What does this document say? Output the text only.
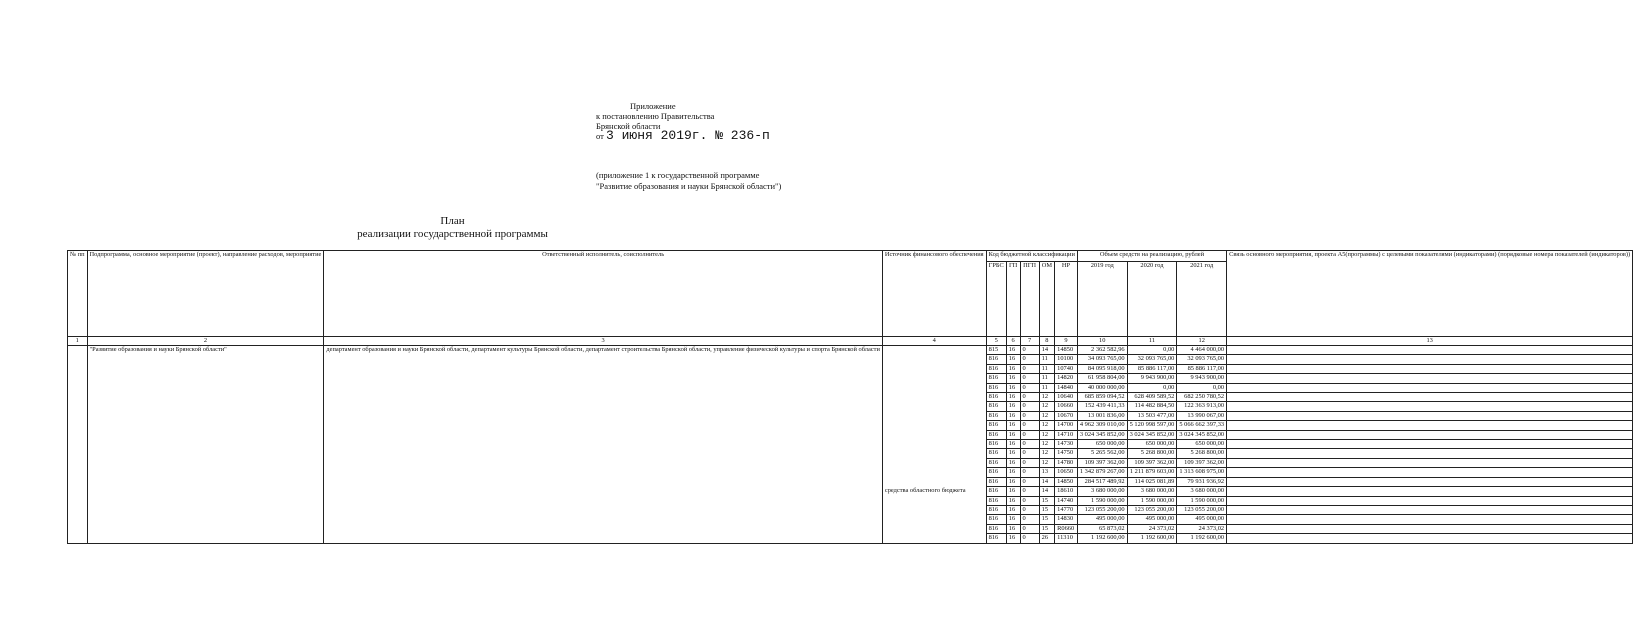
Приложение
к постановлению Правительства
Брянской области
от 3 июня 2019г. № 236-п
(приложение 1 к государственной программе
"Развитие образования и науки Брянской области")
План
реализации государственной программы
№ пп	Подпрограмма, основное мероприятие (проект), направление расходов, мероприятие	Ответственный исполнитель, соисполнитель	Источник финансового обеспечения	Код бюджетной классификации					Объем средств на реализацию, рублей			Связь основного мероприятия, проекта А5(программы) с целевыми показателями (индикаторами) (порядковые номера показателей (индикаторов))
				ГРБС	ГП	ПГП	ОМ	НР	2019 год	2020 год	2021 год	
1	2	3	4	5	6	7	8	9	10	11	12	13
	"Развитие образования и науки Брянской области"	департамент образования и науки Брянской области, департамент культуры Брянской области, департамент строительства Брянской области, управление физической культуры и спорта Брянской области		815	16	0	14	14850	2 362 582,96	0,00	4 464 000,00	
				816	16	0	11	10100	34 093 765,00	32 093 765,00	32 093 765,00	
				816	16	0	11	10740	84 095 918,00	85 886 117,00	85 886 117,00	
				816	16	0	11	14820	61 958 804,00	9 943 900,00	9 943 900,00	
				816	16	0	11	14840	40 000 000,00	0,00	0,00	
				816	16	0	12	10640	685 859 094,52	628 409 589,52	682 250 780,52	
				816	16	0	12	10660	152 439 411,33	114 482 884,50	122 363 913,00	
				816	16	0	12	10670	13 001 836,00	13 503 477,00	13 990 067,00	
				816	16	0	12	14700	4 962 309 010,00	5 120 998 597,00	5 066 662 397,33	
				816	16	0	12	14710	3 024 345 852,00	3 024 345 852,00	3 024 345 852,00	
				816	16	0	12	14730	650 000,00	650 000,00	650 000,00	
				816	16	0	12	14750	5 265 562,00	5 268 800,00	5 268 800,00	
				816	16	0	12	14780	109 397 362,00	109 397 362,00	109 397 362,00	
				816	16	0	13	10650	1 342 879 267,00	1 211 879 603,00	1 313 608 975,00	
				816	16	0	14	14850	284 517 489,92	114 025 081,89	79 931 936,92	
			средства областного бюджета	816	16	0	14	18610	3 680 000,00	3 680 000,00	3 680 000,00	
				816	16	0	15	14740	1 590 000,00	1 590 000,00	1 590 000,00	
				816	16	0	15	14770	123 055 200,00	123 055 200,00	123 055 200,00	
				816	16	0	15	14830	495 000,00	495 000,00	495 000,00	
				816	16	0	15	R0660	65 873,02	24 373,02	24 373,02	
				816	16	0	26	11310	1 192 600,00	1 192 600,00	1 192 600,00	
